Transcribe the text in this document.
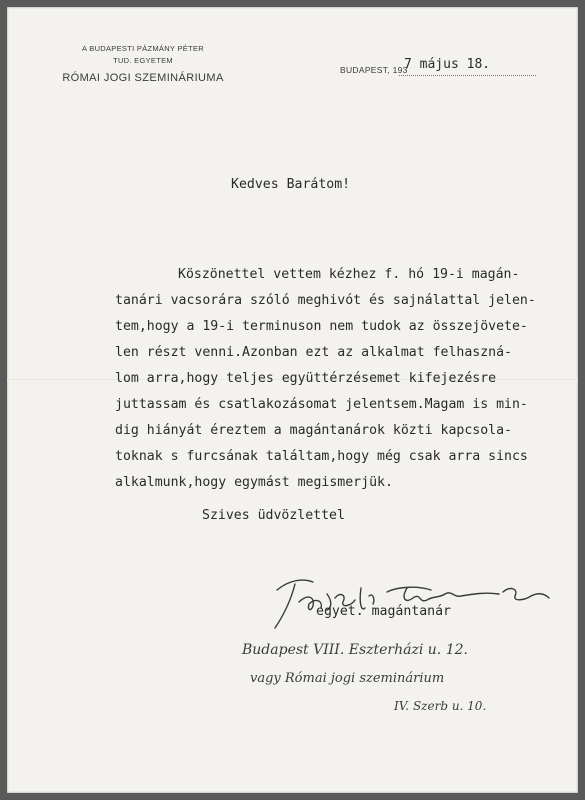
A BUDAPESTI PÁZMÁNY PÉTER
TUD. EGYETEM
RÓMAI JOGI SZEMINÁRIUMA
BUDAPEST, 193
7 május 18.
Kedves Barátom!
Köszönettel vettem kézhez f. hó 19-i magán-
tanári vacsorára szóló meghivót és sajnálattal jelen-
tem,hogy a 19-i terminuson nem tudok az összejövete-
len részt venni.Azonban ezt az alkalmat felhaszná-
lom arra,hogy teljes együttérzésemet kifejezésre
juttassam és csatlakozásomat jelentsem.Magam is min-
dig hiányát éreztem a magántanárok közti kapcsola-
toknak s furcsának találtam,hogy még csak arra sincs
alkalmunk,hogy egymást megismerjük.
Szives üdvözlettel
egyet. magántanár
Budapest VIII. Eszterházi u. 12.
vagy Római jogi szeminárium
IV. Szerb u. 10.
